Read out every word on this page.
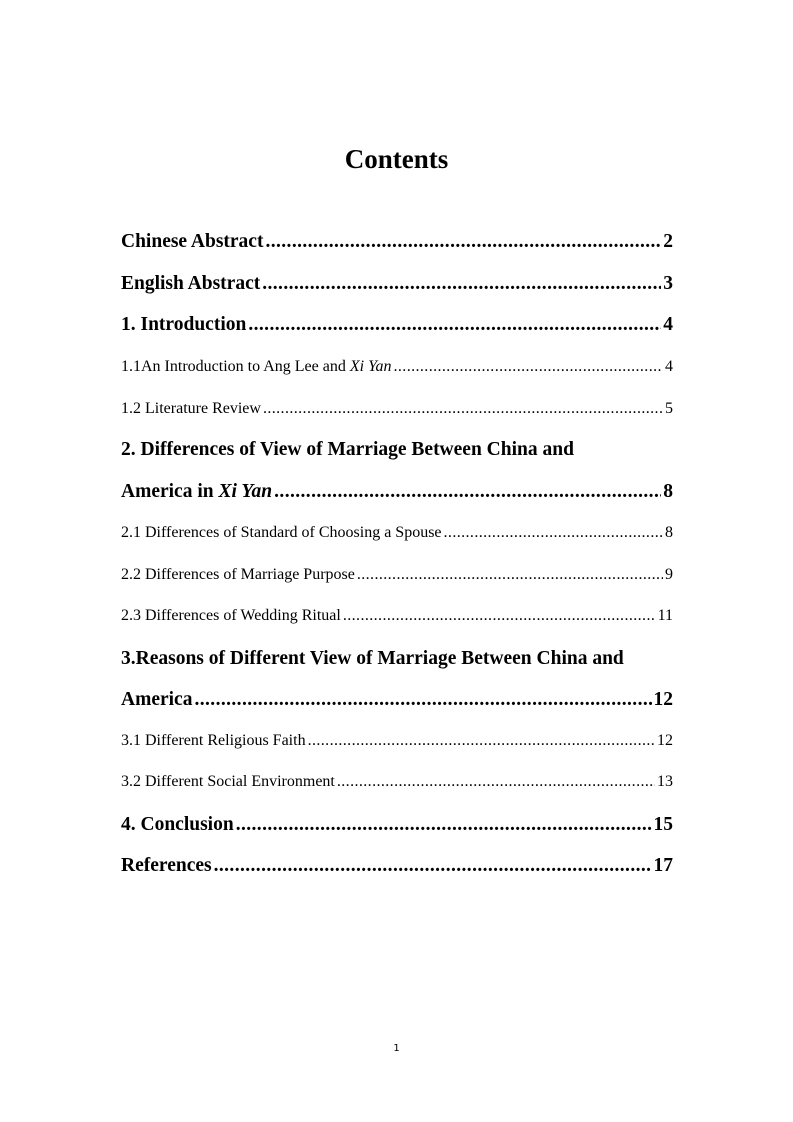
Contents
Chinese Abstract .....	2
English Abstract .....	3
1. Introduction .....	4
1.1An Introduction to Ang Lee and Xi Yan .....	4
1.2 Literature Review .....	5
2. Differences of View of Marriage Between China and
America in Xi Yan .....	8
2.1 Differences of Standard of Choosing a Spouse .....	8
2.2 Differences of Marriage Purpose .....	9
2.3 Differences of Wedding Ritual .....	11
3.Reasons of Different View of Marriage Between China and
America .....	12
3.1 Different Religious Faith .....	12
3.2 Different Social Environment .....	13
4. Conclusion .....	15
References .....	17
1
